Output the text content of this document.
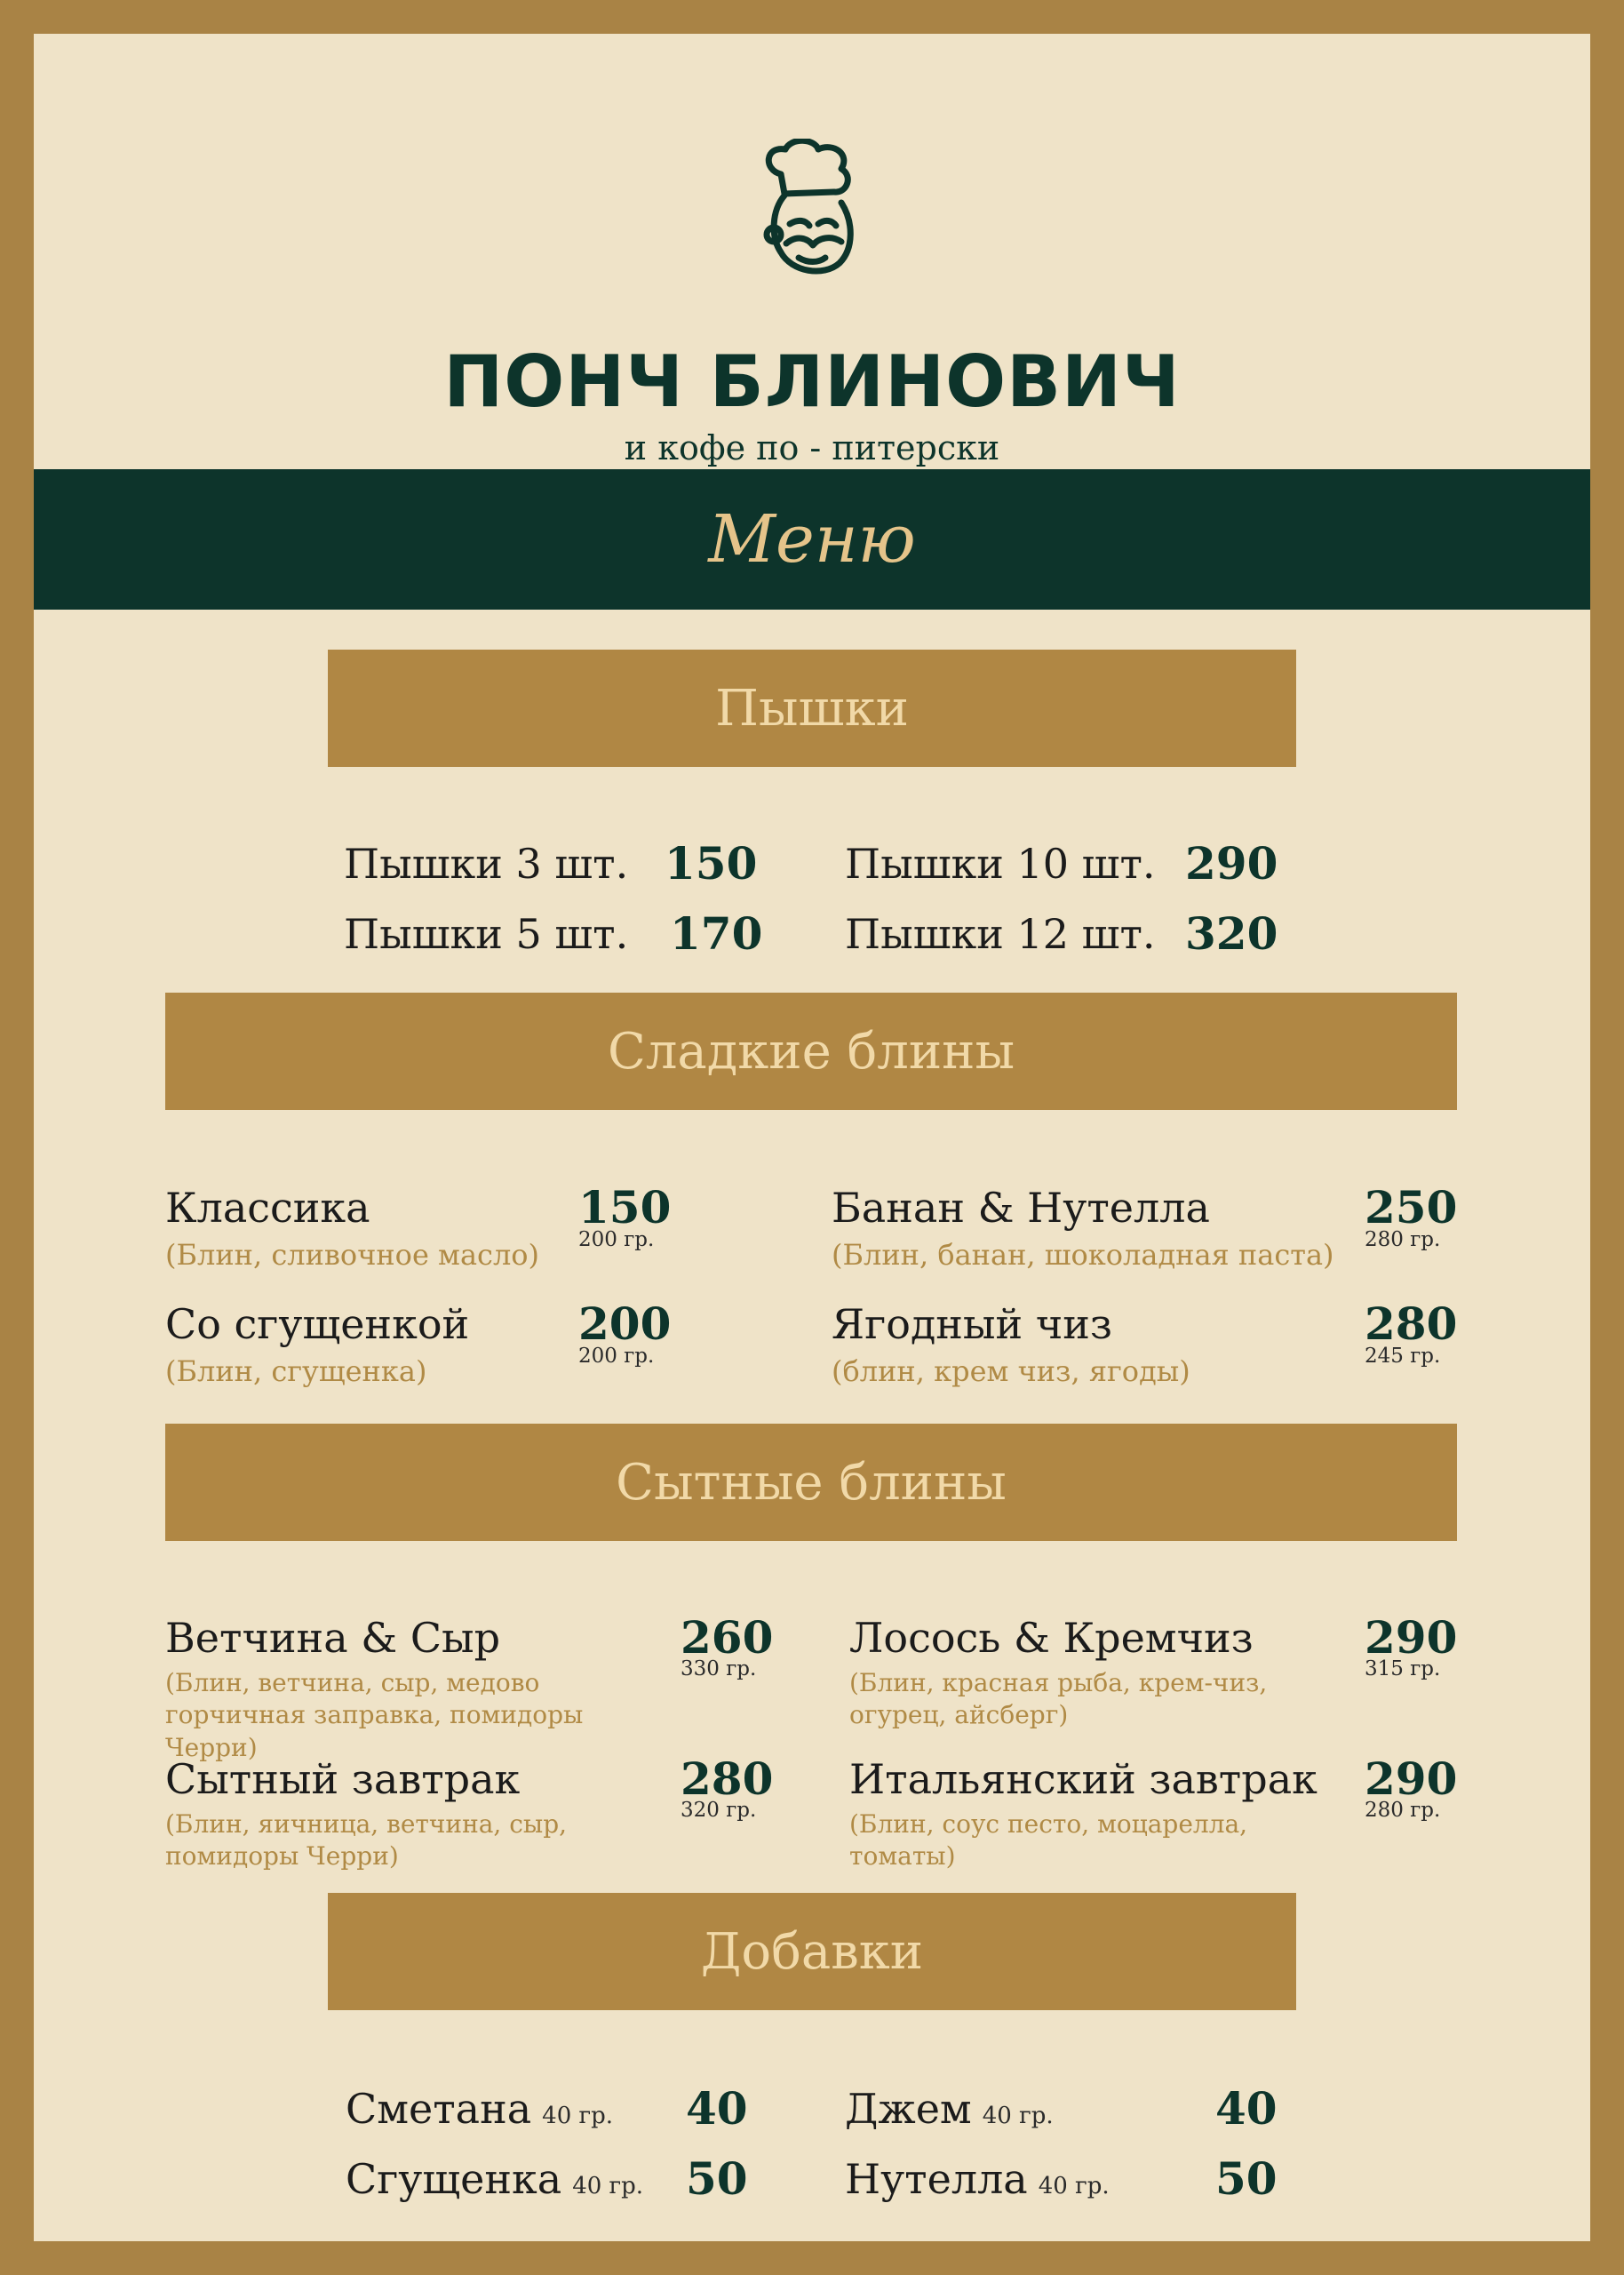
ПОНЧ БЛИНОВИЧ
и кофе по - питерски
Меню
Пышки
Пышки 3 шт. 150
Пышки 5 шт. 170
Пышки 10 шт. 290
Пышки 12 шт. 320
Сладкие блины
Классика
(Блин, сливочное масло)
150
200 гр.
Со сгущенкой
(Блин, сгущенка)
200
200 гр.
Банан & Нутелла
(Блин, банан, шоколадная паста)
250
280 гр.
Ягодный чиз
(блин, крем чиз, ягоды)
280
245 гр.
Сытные блины
Ветчина & Сыр
(Блин, ветчина, сыр, медово горчичная заправка, помидоры Черри)
260
330 гр.
Сытный завтрак
(Блин, яичница, ветчина, сыр, помидоры Черри)
280
320 гр.
Лосось & Кремчиз
(Блин, красная рыба, крем-чиз, огурец, айсберг)
290
315 гр.
Итальянский завтрак
(Блин, соус песто, моцарелла, томаты)
290
280 гр.
Добавки
Сметана 40 гр. 40
Сгущенка 40 гр. 50
Джем 40 гр.	40
Нутелла 40 гр. 50
